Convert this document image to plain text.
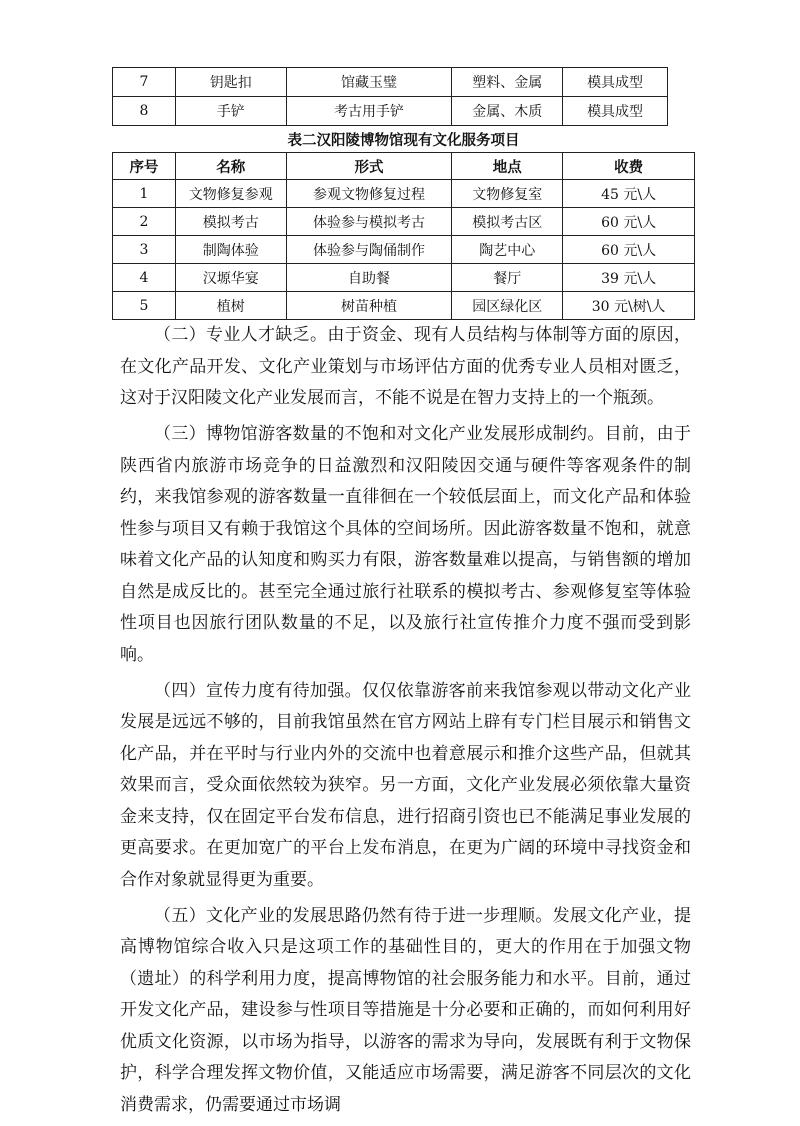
7	钥匙扣	馆藏玉璧	塑料、金属	模具成型
8	手铲	考古用手铲	金属、木质	模具成型
表二汉阳陵博物馆现有文化服务项目
序号	名称	形式	地点	收费
1	文物修复参观	参观文物修复过程	文物修复室	45 元\人
2	模拟考古	体验参与模拟考古	模拟考古区	60 元\人
3	制陶体验	体验参与陶俑制作	陶艺中心	60 元\人
4	汉塬华宴	自助餐	餐厅	39 元\人
5	植树	树苗种植	园区绿化区	30 元\树\人

（二）专业人才缺乏。由于资金、现有人员结构与体制等方面的原因，在文化产品开发、文化产业策划与市场评估方面的优秀专业人员相对匮乏，这对于汉阳陵文化产业发展而言，不能不说是在智力支持上的一个瓶颈。

（三）博物馆游客数量的不饱和对文化产业发展形成制约。目前，由于陕西省内旅游市场竞争的日益激烈和汉阳陵因交通与硬件等客观条件的制约，来我馆参观的游客数量一直徘徊在一个较低层面上，而文化产品和体验性参与项目又有赖于我馆这个具体的空间场所。因此游客数量不饱和，就意味着文化产品的认知度和购买力有限，游客数量难以提高，与销售额的增加自然是成反比的。甚至完全通过旅行社联系的模拟考古、参观修复室等体验性项目也因旅行团队数量的不足，以及旅行社宣传推介力度不强而受到影响。

（四）宣传力度有待加强。仅仅依靠游客前来我馆参观以带动文化产业发展是远远不够的，目前我馆虽然在官方网站上辟有专门栏目展示和销售文化产品，并在平时与行业内外的交流中也着意展示和推介这些产品，但就其效果而言，受众面依然较为狭窄。另一方面，文化产业发展必须依靠大量资金来支持，仅在固定平台发布信息，进行招商引资也已不能满足事业发展的更高要求。在更加宽广的平台上发布消息，在更为广阔的环境中寻找资金和合作对象就显得更为重要。

（五）文化产业的发展思路仍然有待于进一步理顺。发展文化产业，提高博物馆综合收入只是这项工作的基础性目的，更大的作用在于加强文物（遗址）的科学利用力度，提高博物馆的社会服务能力和水平。目前，通过开发文化产品，建设参与性项目等措施是十分必要和正确的，而如何利用好优质文化资源，以市场为指导，以游客的需求为导向，发展既有利于文物保护，科学合理发挥文物价值，又能适应市场需要，满足游客不同层次的文化消费需求，仍需要通过市场调
